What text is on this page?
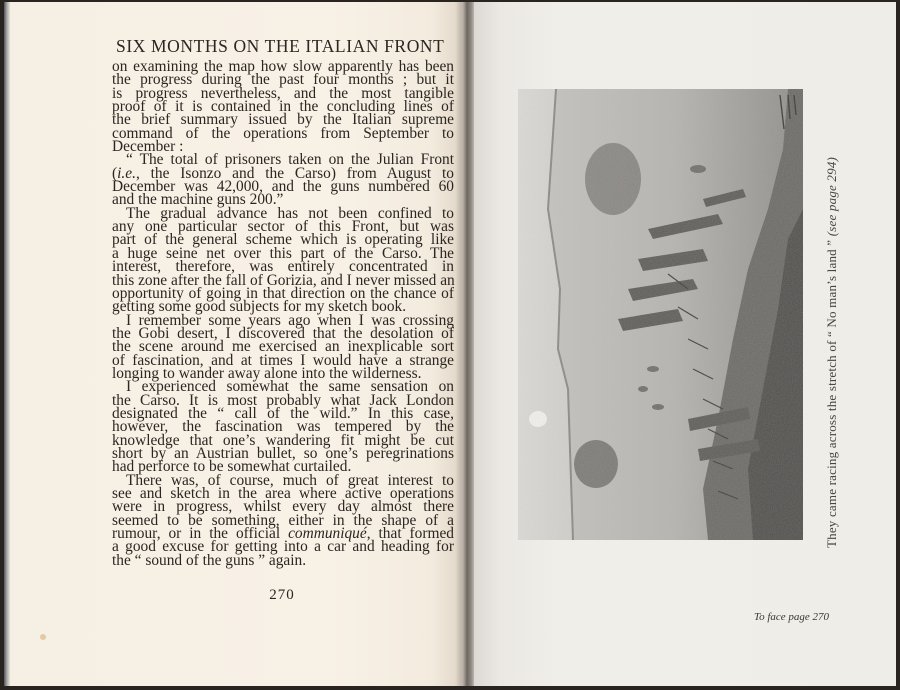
SIX MONTHS ON THE ITALIAN FRONT
on examining the map how slow apparently has been
the progress during the past four months ; but it
is progress nevertheless, and the most tangible
proof of it is contained in the concluding lines of
the brief summary issued by the Italian supreme
command of the operations from September to
December :
“ The total of prisoners taken on the Julian Front
(i.e., the Isonzo and the Carso) from August to
December was 42,000, and the guns numbered 60
and the machine guns 200.”
The gradual advance has not been confined to
any one particular sector of this Front, but was
part of the general scheme which is operating like
a huge seine net over this part of the Carso. The
interest, therefore, was entirely concentrated in
this zone after the fall of Gorizia, and I never missed an
opportunity of going in that direction on the chance of
getting some good subjects for my sketch book.
I remember some years ago when I was crossing
the Gobi desert, I discovered that the desolation of
the scene around me exercised an inexplicable sort
of fascination, and at times I would have a strange
longing to wander away alone into the wilderness.
I experienced somewhat the same sensation on
the Carso. It is most probably what Jack London
designated the “ call of the wild.” In this case,
however, the fascination was tempered by the
knowledge that one’s wandering fit might be cut
short by an Austrian bullet, so one’s peregrinations
had perforce to be somewhat curtailed.
There was, of course, much of great interest to
see and sketch in the area where active operations
were in progress, whilst every day almost there
seemed to be something, either in the shape of a
rumour, or in the official communiqué, that formed
a good excuse for getting into a car and heading for
the “ sound of the guns ” again.
270
They came racing across the stretch of “ No man’s land ” (see page 294)
To face page 270
